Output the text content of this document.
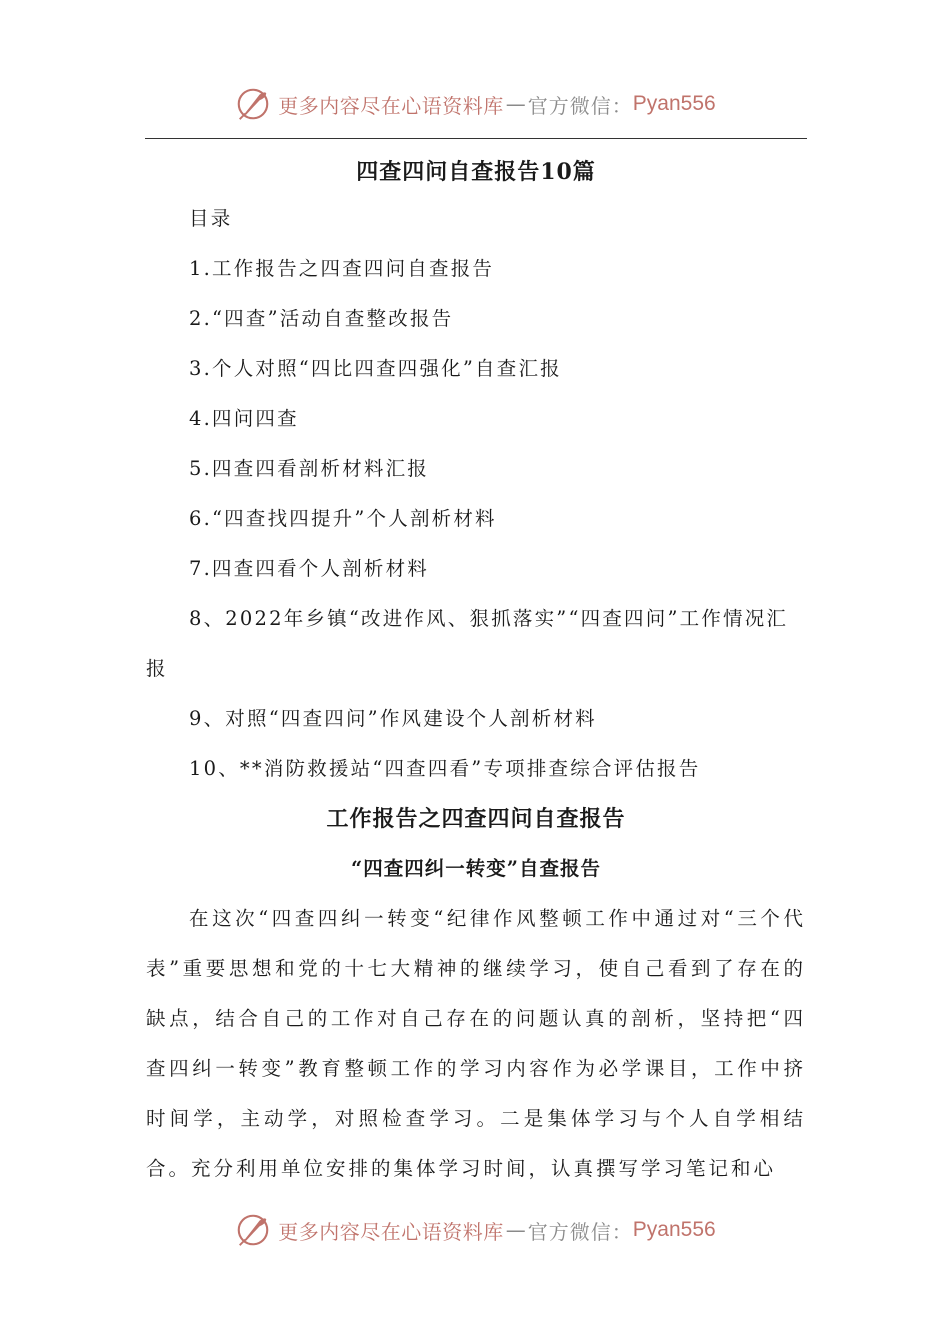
更多内容尽在心语资料库 — 官方微信： Pyan556
四查四问自查报告10篇

目录

1.工作报告之四查四问自查报告
2.“四查”活动自查整改报告
3.个人对照“四比四查四强化”自查汇报
4.四问四查
5.四查四看剖析材料汇报
6.“四查找四提升”个人剖析材料
7.四查四看个人剖析材料
8、2022年乡镇“改进作风、狠抓落实”“四查四问”工作情况汇报
9、对照“四查四问”作风建设个人剖析材料
10、**消防救援站“四查四看”专项排查综合评估报告
工作报告之四查四问自查报告
“四查四纠一转变”自查报告

在这次“四查四纠一转变“纪律作风整顿工作中通过对“三个代表”重要思想和党的十七大精神的继续学习，使自己看到了存在的缺点，结合自己的工作对自己存在的问题认真的剖析，坚持把“四查四纠一转变”教育整顿工作的学习内容作为必学课目，工作中挤时间学，主动学，对照检查学习。二是集体学习与个人自学相结合。充分利用单位安排的集体学习时间，认真撰写学习笔记和心

更多内容尽在心语资料库 — 官方微信： Pyan556
